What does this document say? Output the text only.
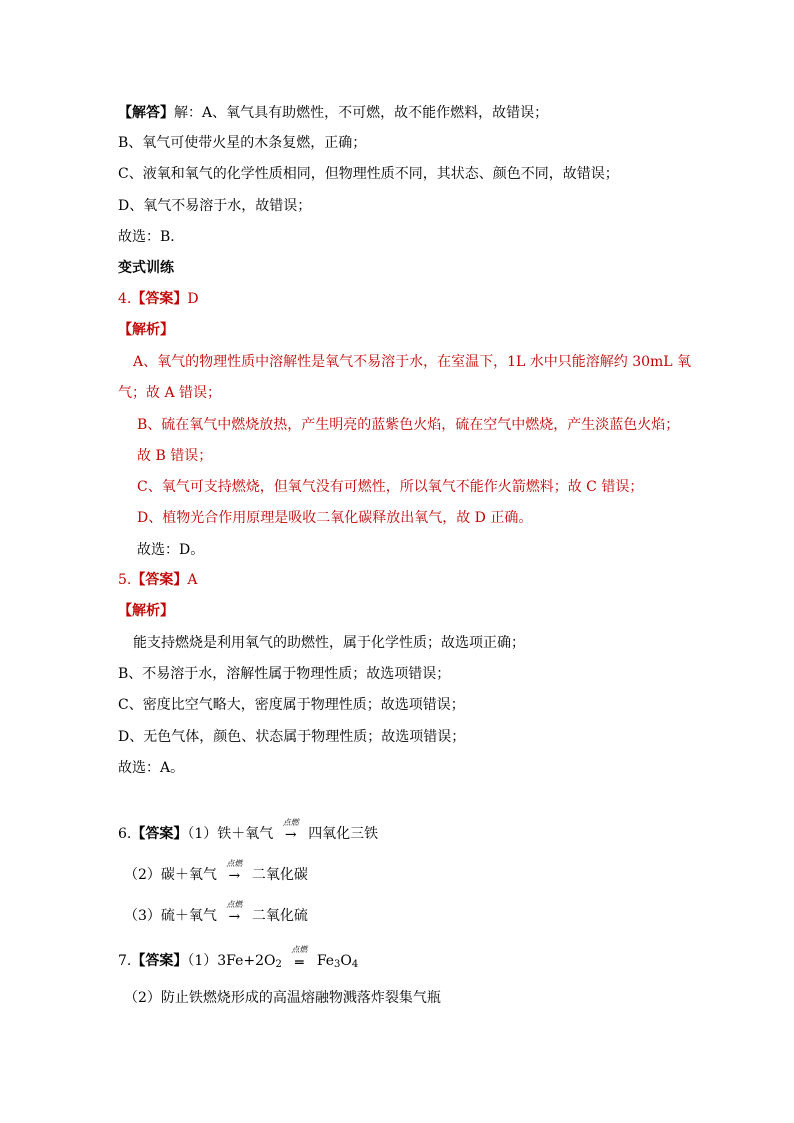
【解答】解：A、氧气具有助燃性，不可燃，故不能作燃料，故错误；
B、氧气可使带火星的木条复燃，正确；
C、液氧和氧气的化学性质相同，但物理性质不同，其状态、颜色不同，故错误；
D、氧气不易溶于水，故错误；
故选：B．
变式训练
4.【答案】D
【解析】
A、氧气的物理性质中溶解性是氧气不易溶于水，在室温下，1L 水中只能溶解约 30mL 氧
气；故 A 错误；
B、硫在氧气中燃烧放热，产生明亮的蓝紫色火焰，硫在空气中燃烧，产生淡蓝色火焰；
故 B 错误；
C、氧气可支持燃烧，但氧气没有可燃性，所以氧气不能作火箭燃料；故 C 错误；
D、植物光合作用原理是吸收二氧化碳释放出氧气，故 D 正确。
故选：D。
5.【答案】A
【解析】
能支持燃烧是利用氧气的助燃性，属于化学性质；故选项正确；
B、不易溶于水，溶解性属于物理性质；故选项错误；
C、密度比空气略大，密度属于物理性质；故选项错误；
D、无色气体，颜色、状态属于物理性质；故选项错误；
故选：A。
6.【答案】（1）铁＋氧气
点燃
→ 四氧化三铁
（2）碳＋氧气
点燃
→ 二氧化碳
（3）硫＋氧气
点燃
→ 二氧化硫
7.【答案】$(1)3Fe+2O_2$
点燃
═ $Fe_3O_4$
（2）防止铁燃烧形成的高温熔融物溅落炸裂集气瓶
